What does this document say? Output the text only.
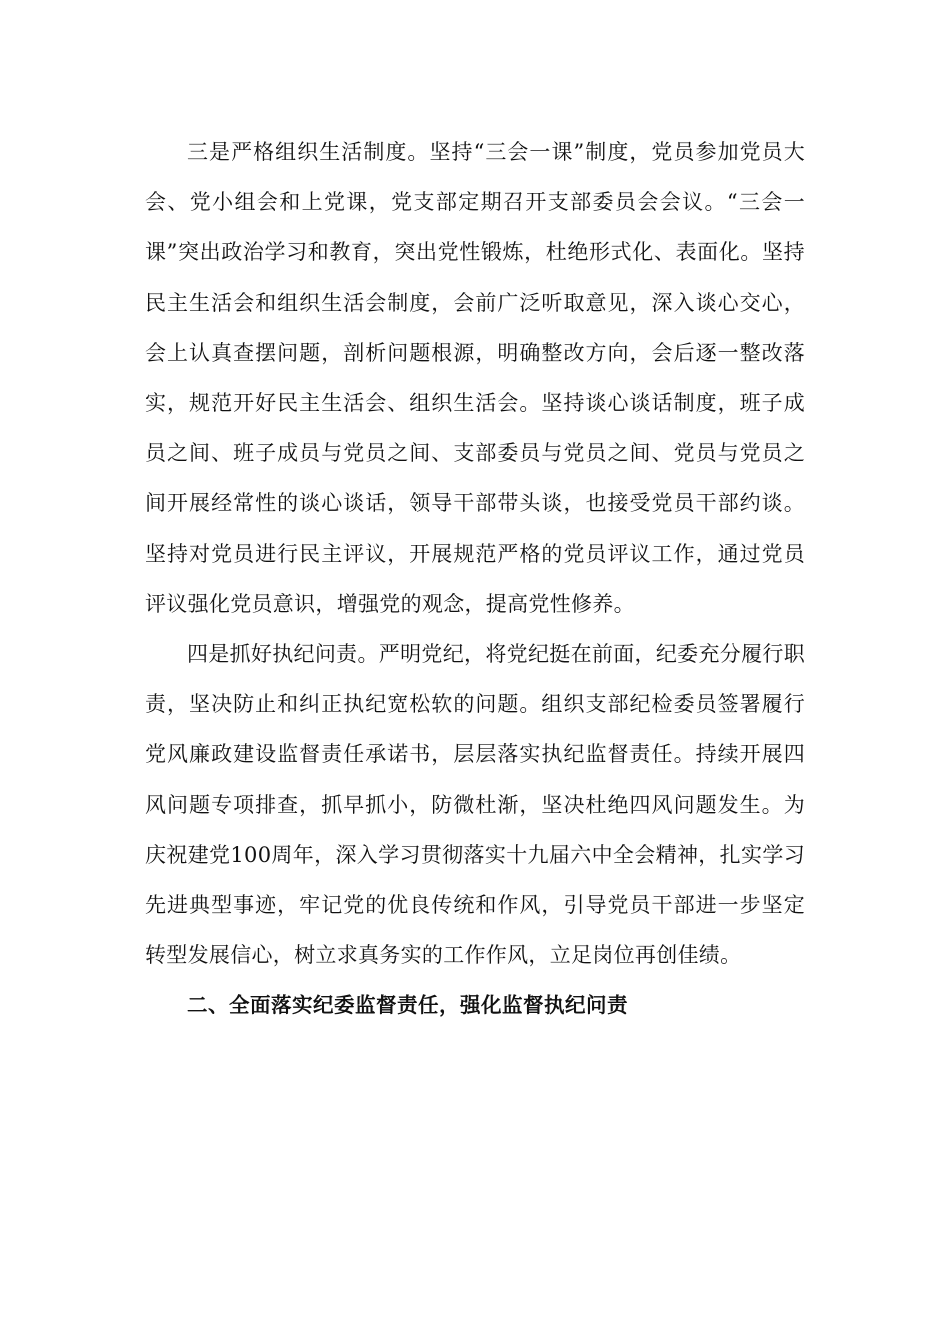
三是严格组织生活制度。坚持“三会一课”制度，党员参加党员大会、党小组会和上党课，党支部定期召开支部委员会会议。“三会一课”突出政治学习和教育，突出党性锻炼，杜绝形式化、表面化。坚持民主生活会和组织生活会制度，会前广泛听取意见，深入谈心交心，会上认真查摆问题，剖析问题根源，明确整改方向，会后逐一整改落实，规范开好民主生活会、组织生活会。坚持谈心谈话制度，班子成员之间、班子成员与党员之间、支部委员与党员之间、党员与党员之间开展经常性的谈心谈话，领导干部带头谈，也接受党员干部约谈。坚持对党员进行民主评议，开展规范严格的党员评议工作，通过党员评议强化党员意识，增强党的观念，提高党性修养。

四是抓好执纪问责。严明党纪，将党纪挺在前面，纪委充分履行职责，坚决防止和纠正执纪宽松软的问题。组织支部纪检委员签署履行党风廉政建设监督责任承诺书，层层落实执纪监督责任。持续开展四风问题专项排查，抓早抓小，防微杜渐，坚决杜绝四风问题发生。为庆祝建党100周年，深入学习贯彻落实十九届六中全会精神，扎实学习先进典型事迹，牢记党的优良传统和作风，引导党员干部进一步坚定转型发展信心，树立求真务实的工作作风，立足岗位再创佳绩。

二、全面落实纪委监督责任，强化监督执纪问责
